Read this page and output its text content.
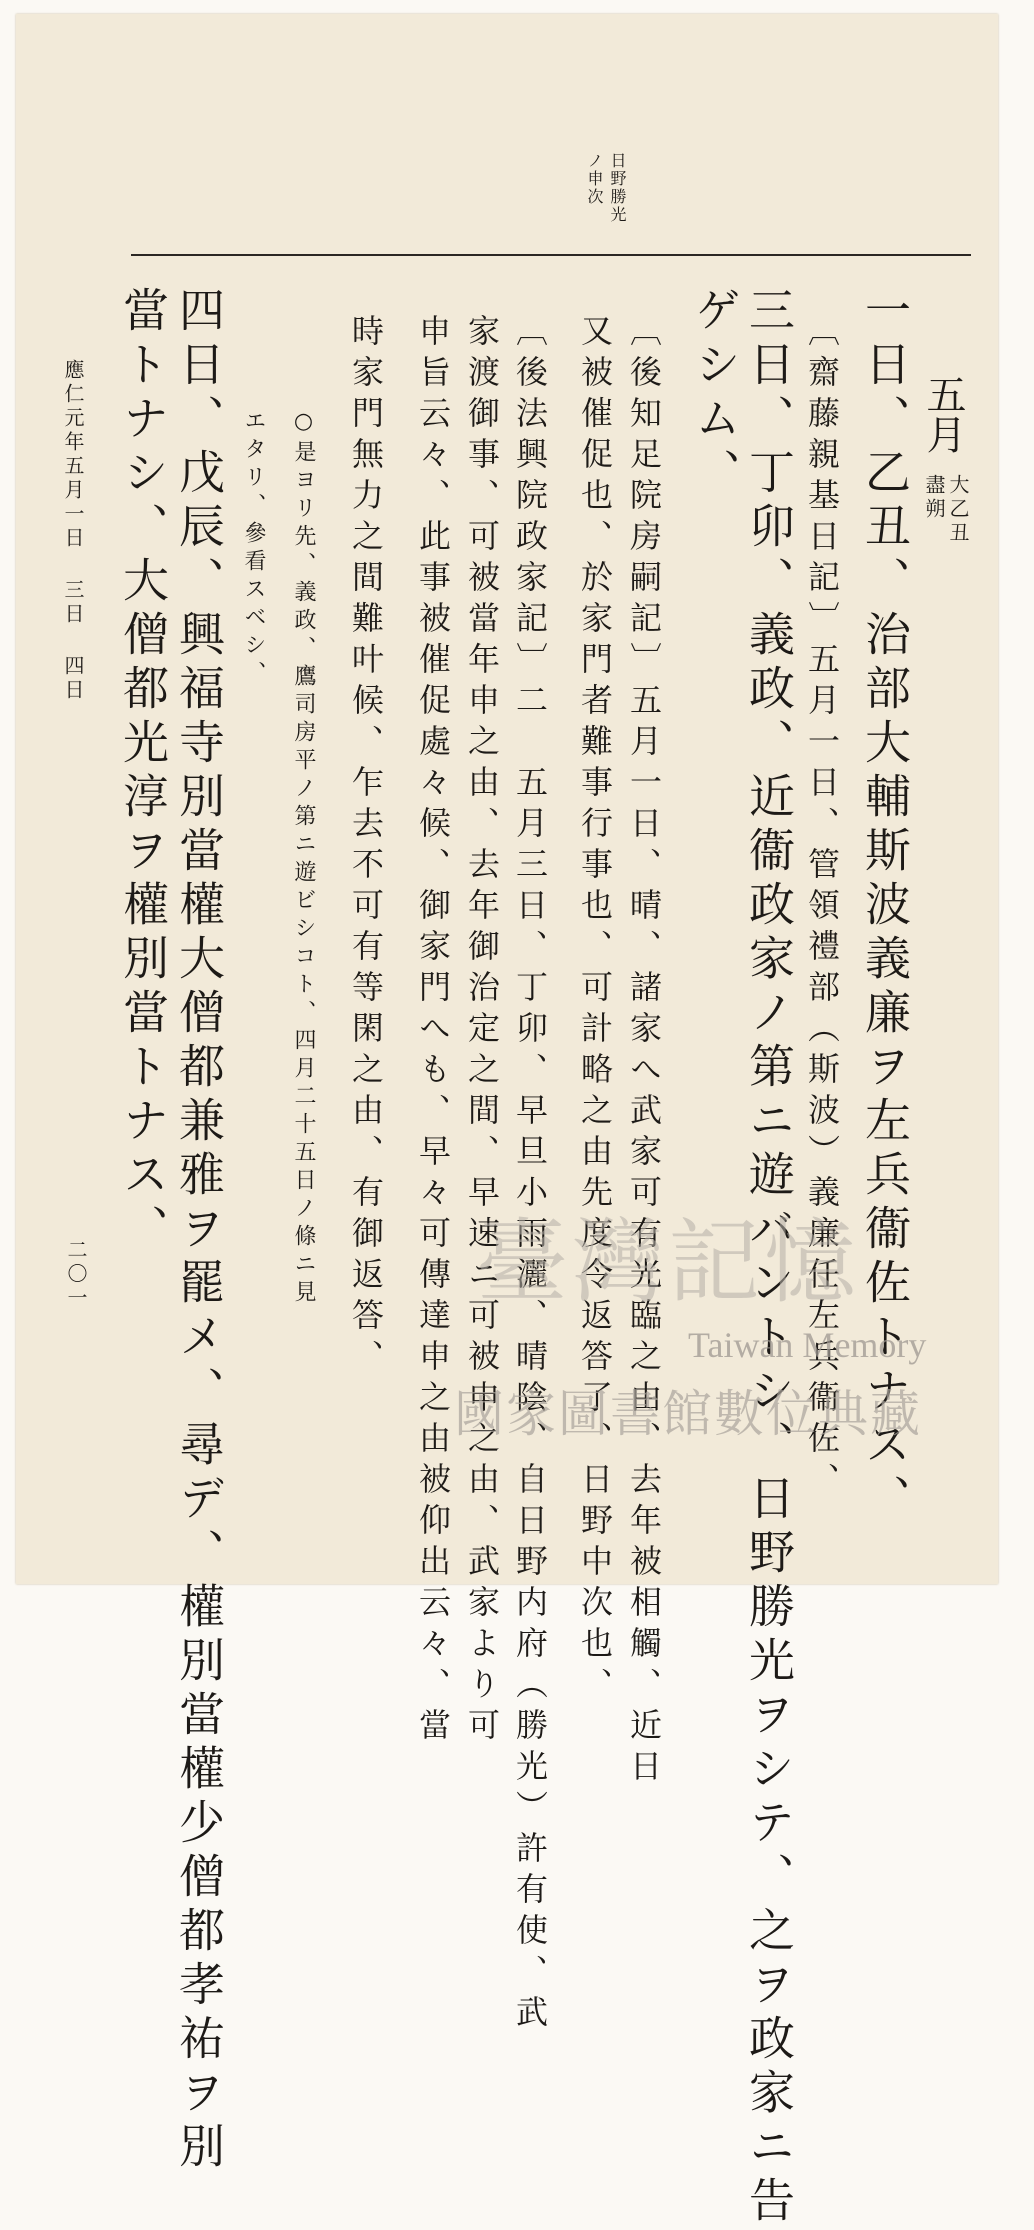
日野勝光
ノ申次
五月
大乙丑
盡朔
一日、乙丑、治部大輔斯波義廉ヲ左兵衞佐トナス、
〔齋藤親基日記〕五月一日、管領禮部（斯波）義廉任左兵衞佐、
三日、丁卯、義政、近衞政家ノ第ニ遊バントシ、日野勝光ヲシテ、之ヲ政家ニ告
ゲシム、
〔後知足院房嗣記〕五月一日、晴、諸家へ武家可有光臨之由、去年被相觸、近日
又被催促也、於家門者難事行事也、可計略之由先度令返答了、日野中次也、
〔後法興院政家記〕二　五月三日、丁卯、早旦小雨灑、晴陰、自日野内府（勝光）許有使、武
家渡御事、可被當年申之由、去年御治定之間、早速ニ可被申之由、武家より可
申旨云々、此事被催促處々候、御家門へも、早々可傳達申之由被仰出云々、當
時家門無力之間難叶候、乍去不可有等閑之由、有御返答、
○是ヨリ先、義政、鷹司房平ノ第ニ遊ビシコト、四月二十五日ノ條ニ見
エタリ、參看スベシ、
四日、戊辰、興福寺別當權大僧都兼雅ヲ罷メ、尋デ、權別當權少僧都孝祐ヲ別
當トナシ、大僧都光淳ヲ權別當トナス、
應仁元年五月一日 三日 四日
二〇一	臺灣記憶
Taiwan Memory
國家圖書館數位典藏
